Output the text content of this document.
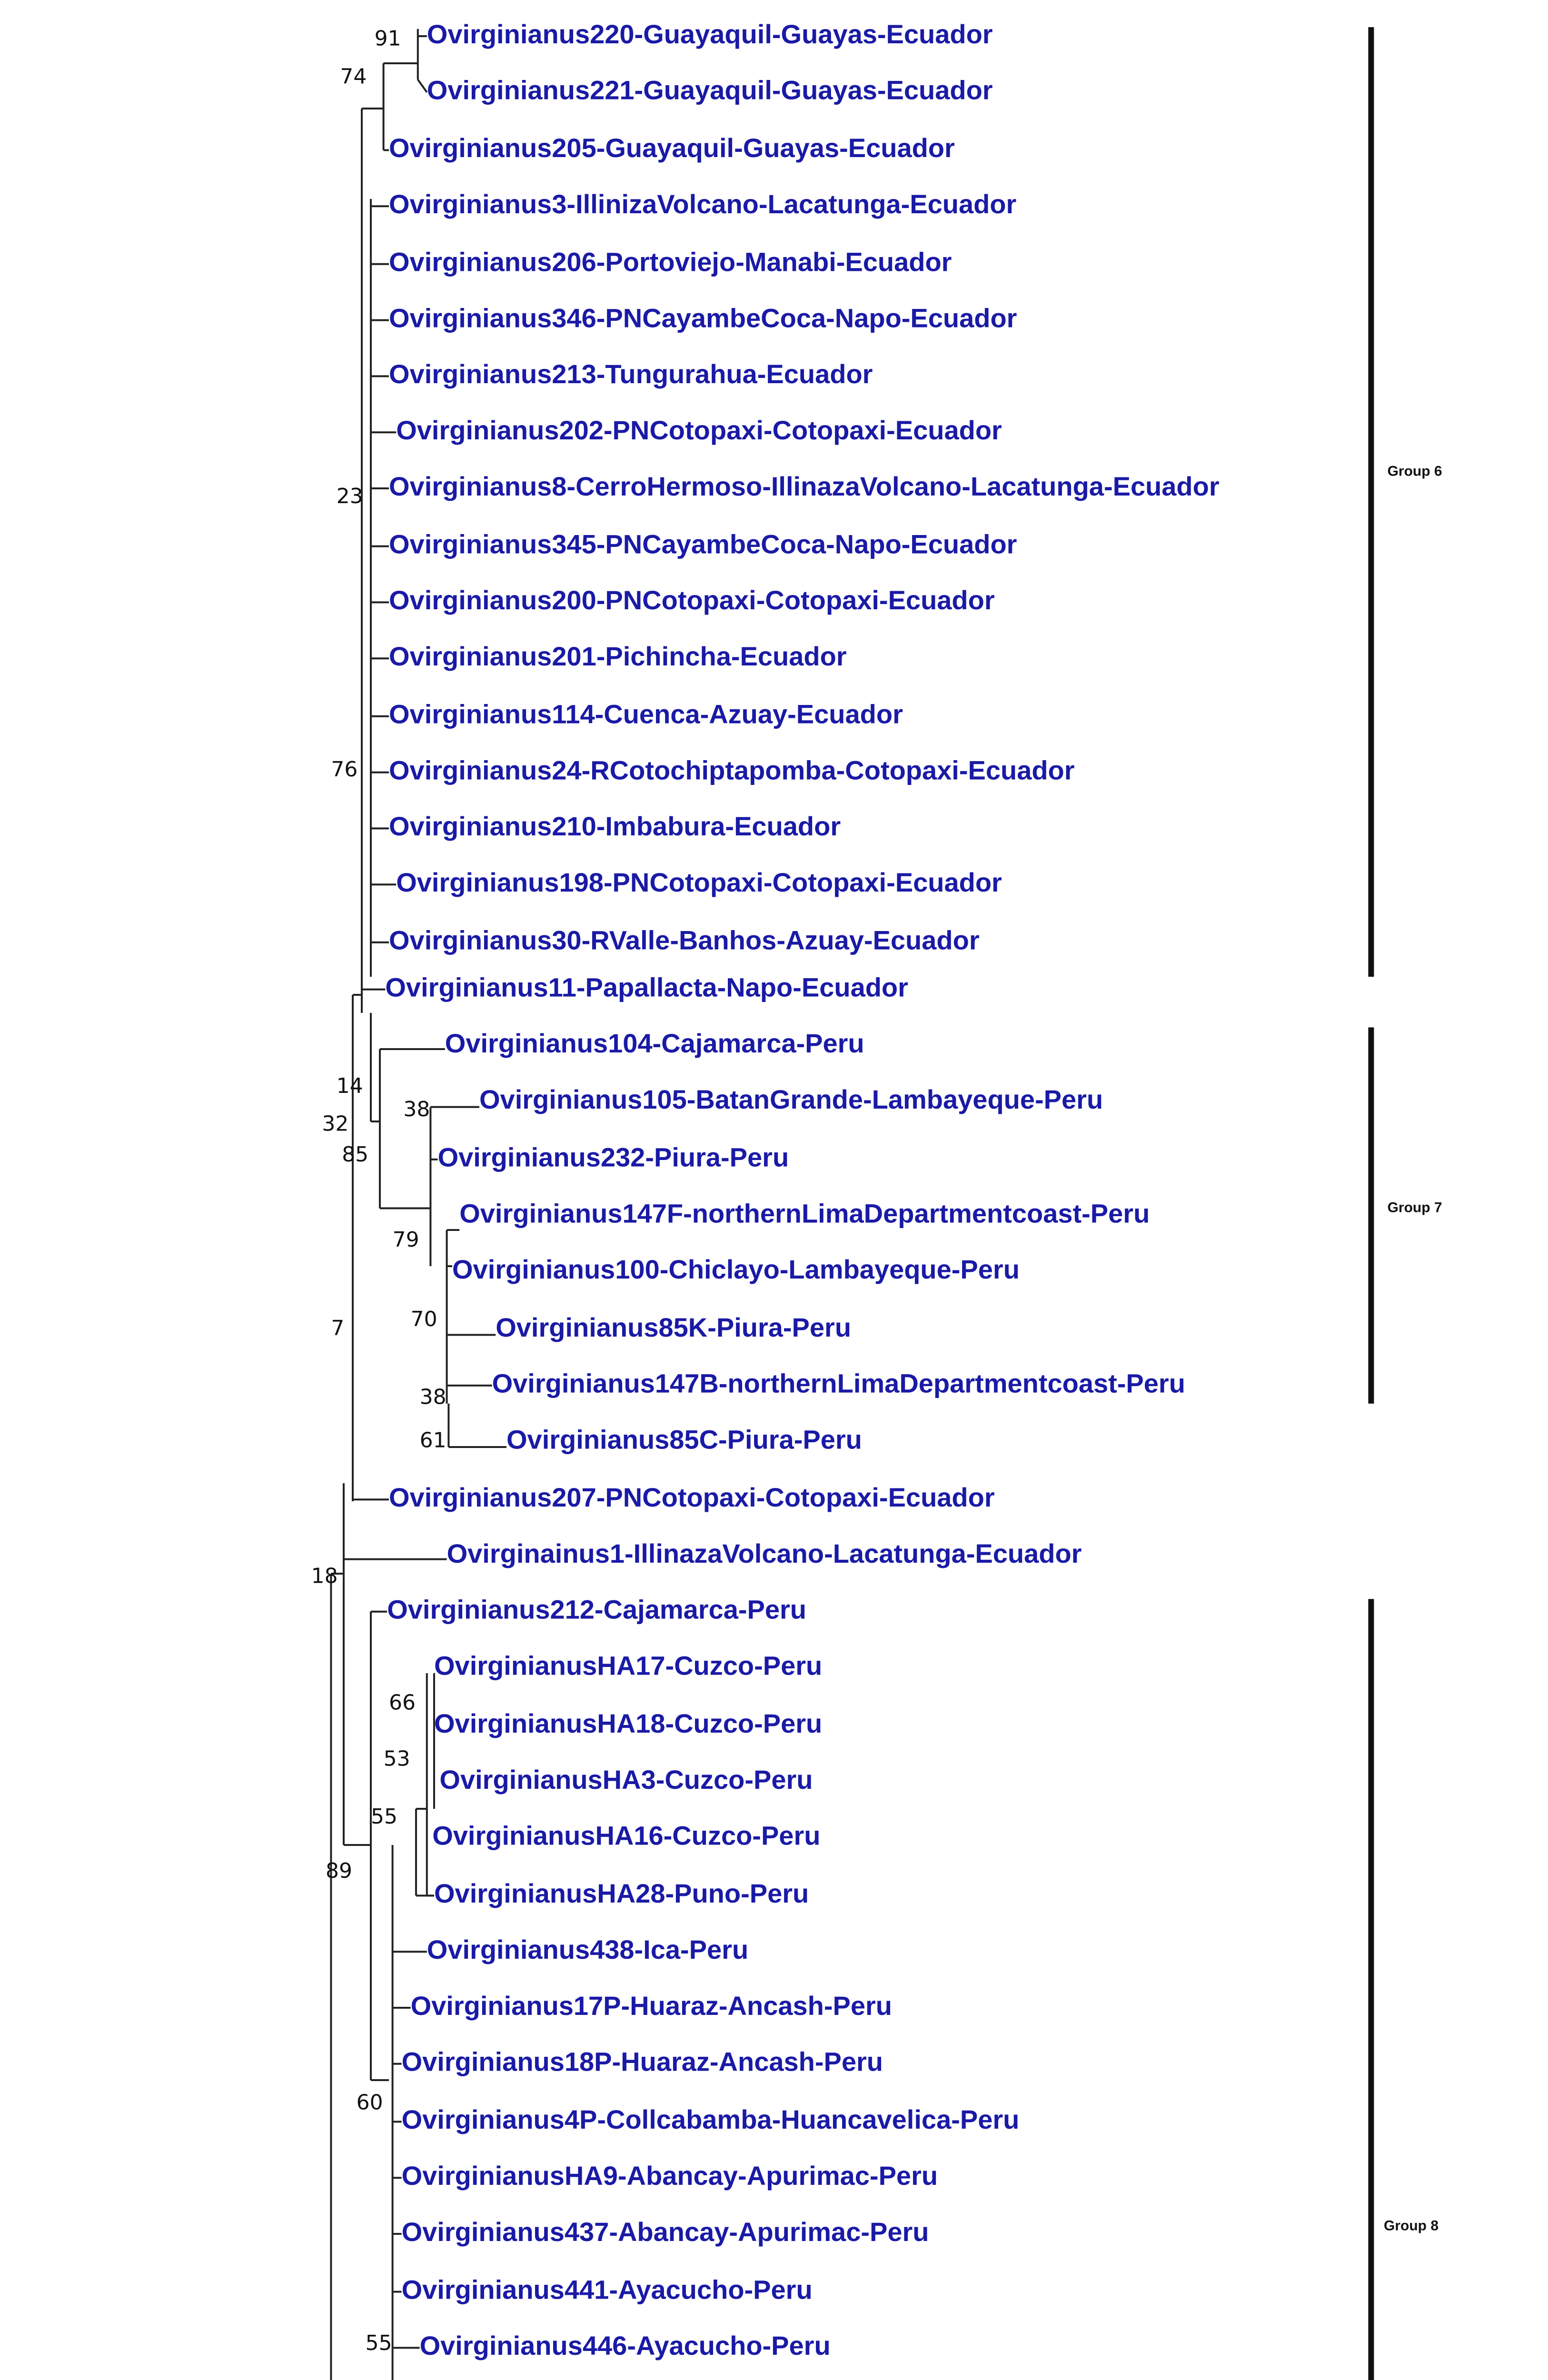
Ovirginianus220-Guayaquil-Guayas-Ecuador
Ovirginianus221-Guayaquil-Guayas-Ecuador
Ovirginianus205-Guayaquil-Guayas-Ecuador
Ovirginianus3-IllinizaVolcano-Lacatunga-Ecuador
Ovirginianus206-Portoviejo-Manabi-Ecuador
Ovirginianus346-PNCayambeCoca-Napo-Ecuador
Ovirginianus213-Tungurahua-Ecuador
Ovirginianus202-PNCotopaxi-Cotopaxi-Ecuador
Ovirginianus8-CerroHermoso-IllinazaVolcano-Lacatunga-Ecuador
Ovirginianus345-PNCayambeCoca-Napo-Ecuador
Ovirginianus200-PNCotopaxi-Cotopaxi-Ecuador
Ovirginianus201-Pichincha-Ecuador
Ovirginianus114-Cuenca-Azuay-Ecuador
Ovirginianus24-RCotochiptapomba-Cotopaxi-Ecuador
Ovirginianus210-Imbabura-Ecuador
Ovirginianus198-PNCotopaxi-Cotopaxi-Ecuador
Ovirginianus30-RValle-Banhos-Azuay-Ecuador
Ovirginianus11-Papallacta-Napo-Ecuador
Ovirginianus104-Cajamarca-Peru
Ovirginianus105-BatanGrande-Lambayeque-Peru
Ovirginianus232-Piura-Peru
Ovirginianus147F-northernLimaDepartmentcoast-Peru
Ovirginianus100-Chiclayo-Lambayeque-Peru
Ovirginianus85K-Piura-Peru
Ovirginianus147B-northernLimaDepartmentcoast-Peru
Ovirginianus85C-Piura-Peru
Ovirginianus207-PNCotopaxi-Cotopaxi-Ecuador
Ovirginainus1-IllinazaVolcano-Lacatunga-Ecuador
Ovirginianus212-Cajamarca-Peru
OvirginianusHA17-Cuzco-Peru
OvirginianusHA18-Cuzco-Peru
OvirginianusHA3-Cuzco-Peru
OvirginianusHA16-Cuzco-Peru
OvirginianusHA28-Puno-Peru
Ovirginianus438-Ica-Peru
Ovirginianus17P-Huaraz-Ancash-Peru
Ovirginianus18P-Huaraz-Ancash-Peru
Ovirginianus4P-Collcabamba-Huancavelica-Peru
OvirginianusHA9-Abancay-Apurimac-Peru
Ovirginianus437-Abancay-Apurimac-Peru
Ovirginianus441-Ayacucho-Peru
Ovirginianus446-Ayacucho-Peru
91
74
23
76
14
32
85
38
79
70
38
61
7
18
66
53
55
89
60
55
Group 6
Group 7
Group 8
